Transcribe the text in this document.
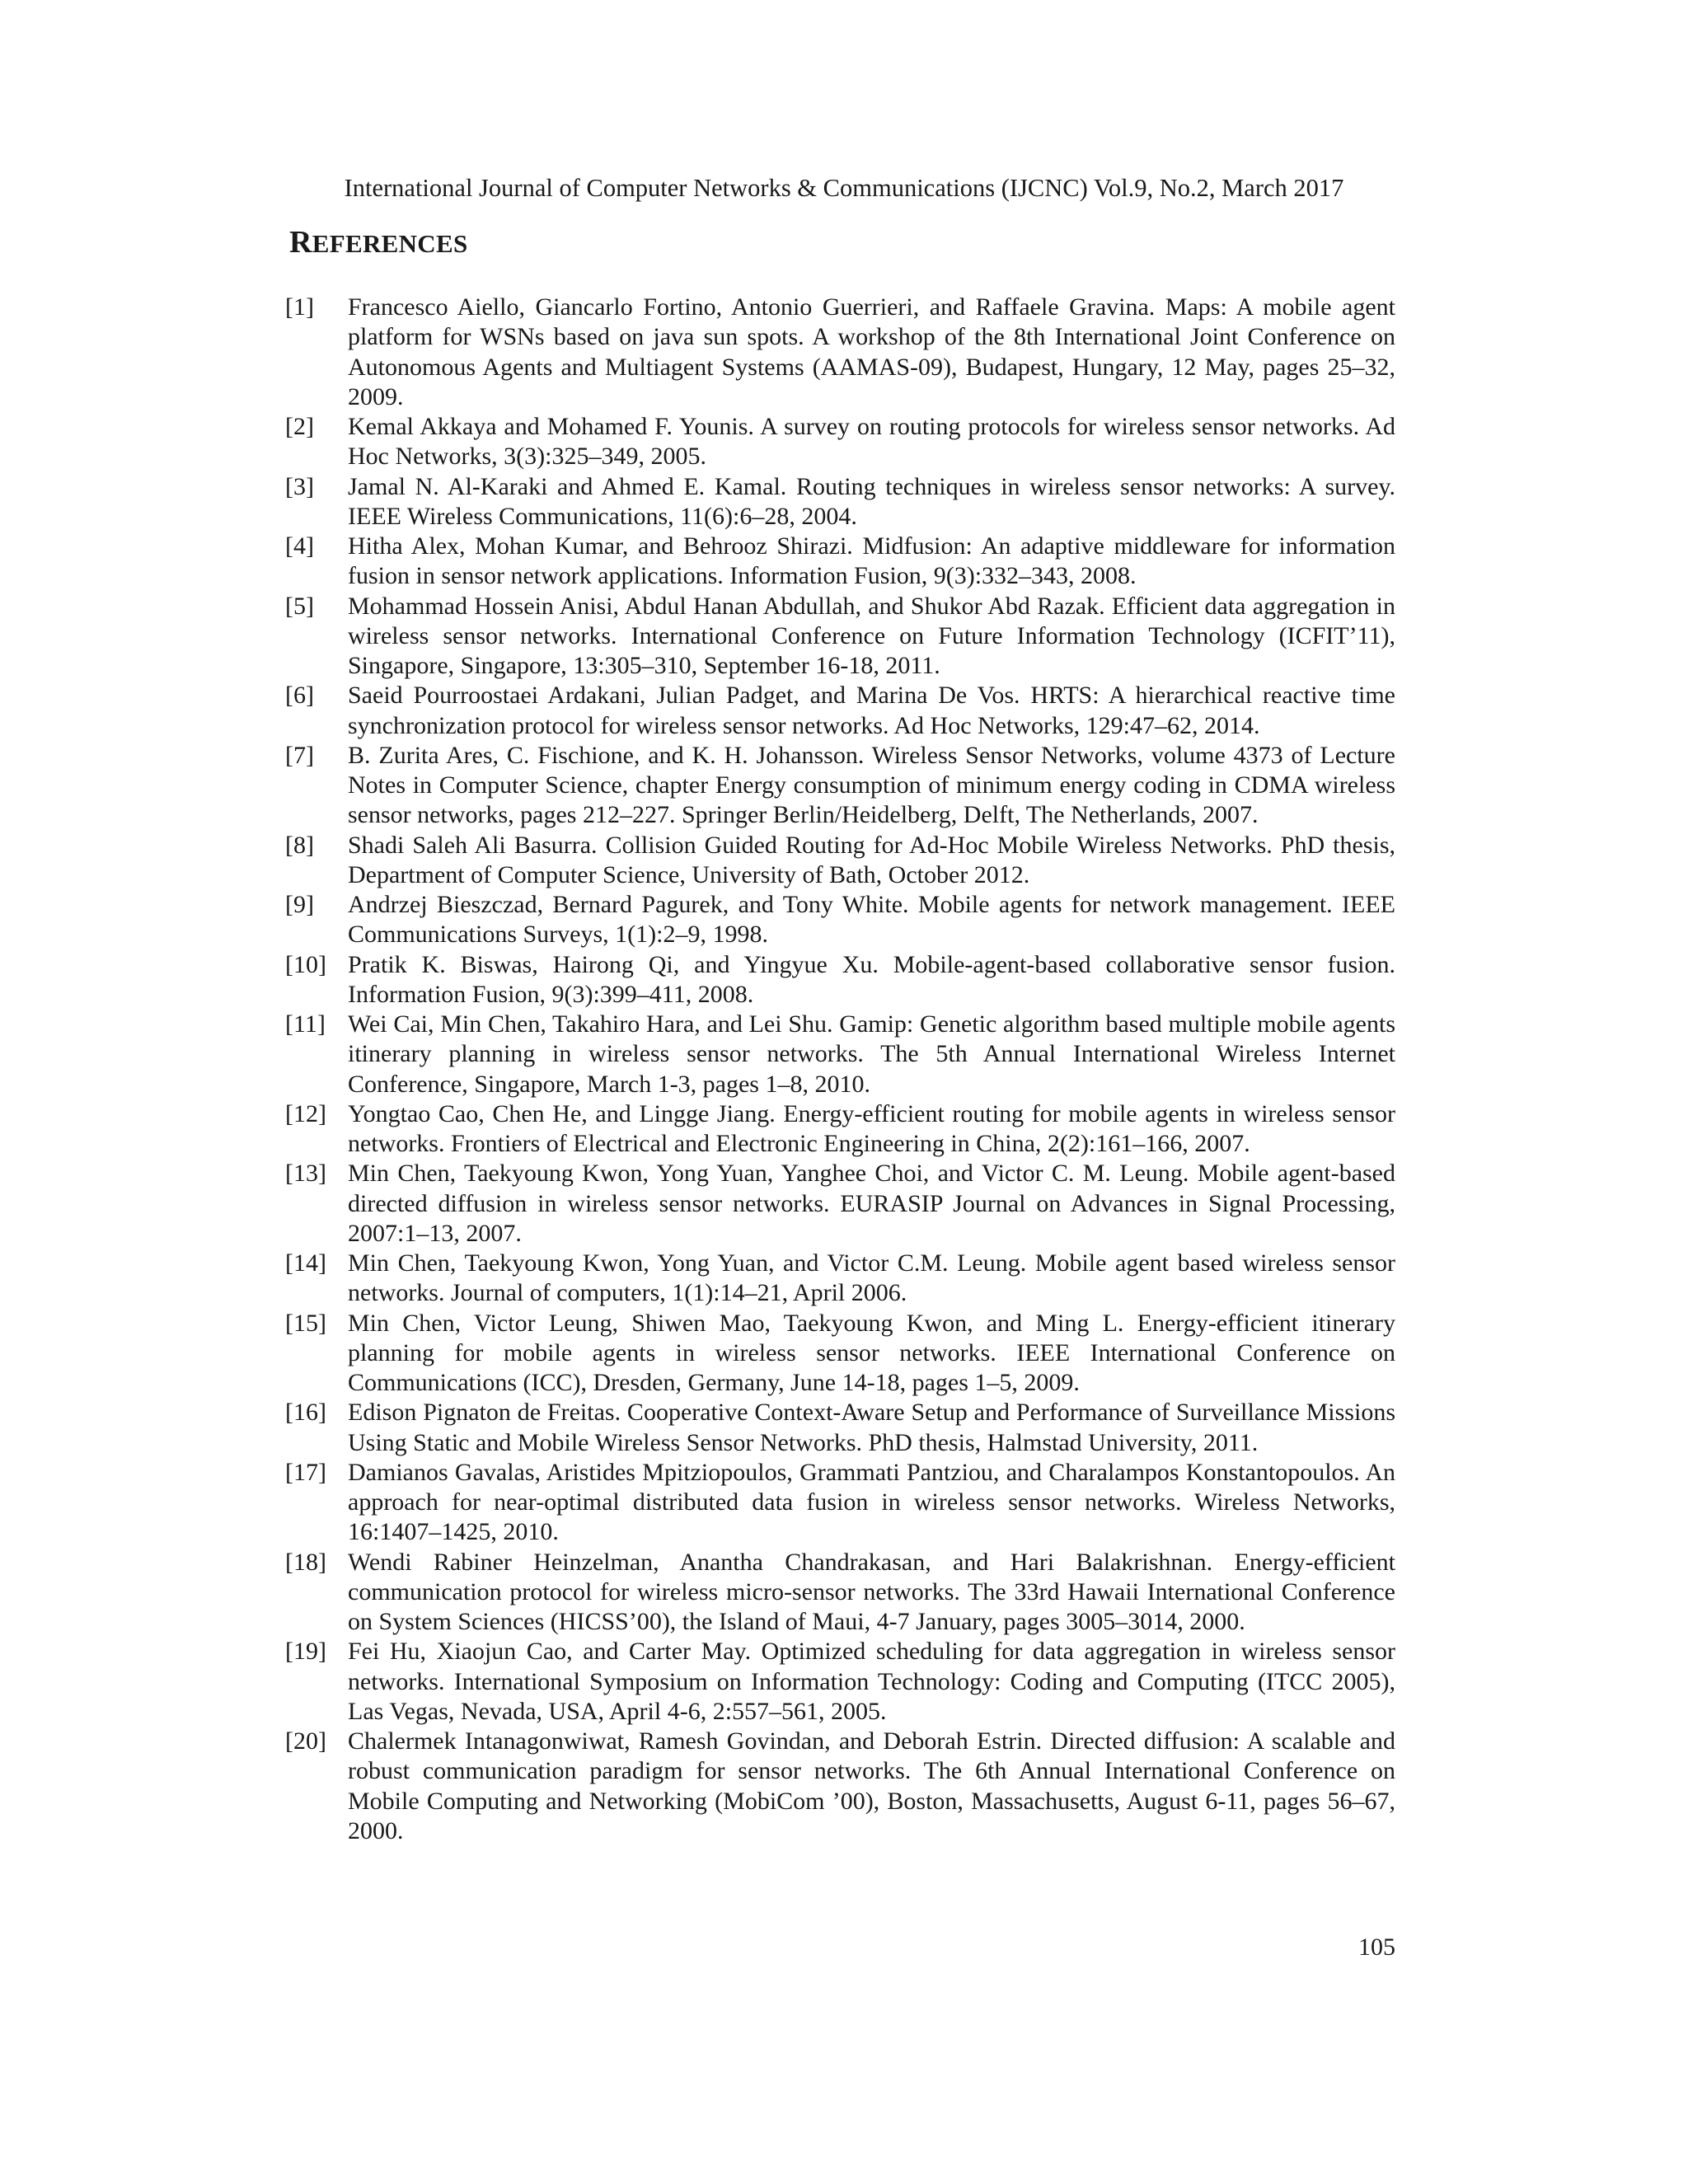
International Journal of Computer Networks & Communications (IJCNC) Vol.9, No.2, March 2017
REFERENCES
[1] Francesco Aiello, Giancarlo Fortino, Antonio Guerrieri, and Raffaele Gravina. Maps: A mobile agent platform for WSNs based on java sun spots. A workshop of the 8th International Joint Conference on Autonomous Agents and Multiagent Systems (AAMAS-09), Budapest, Hungary, 12 May, pages 25–32, 2009.
[2] Kemal Akkaya and Mohamed F. Younis. A survey on routing protocols for wireless sensor networks. Ad Hoc Networks, 3(3):325–349, 2005.
[3] Jamal N. Al-Karaki and Ahmed E. Kamal. Routing techniques in wireless sensor networks: A survey. IEEE Wireless Communications, 11(6):6–28, 2004.
[4] Hitha Alex, Mohan Kumar, and Behrooz Shirazi. Midfusion: An adaptive middleware for information fusion in sensor network applications. Information Fusion, 9(3):332–343, 2008.
[5] Mohammad Hossein Anisi, Abdul Hanan Abdullah, and Shukor Abd Razak. Efficient data aggregation in wireless sensor networks. International Conference on Future Information Technology (ICFIT’11), Singapore, Singapore, 13:305–310, September 16-18, 2011.
[6] Saeid Pourroostaei Ardakani, Julian Padget, and Marina De Vos. HRTS: A hierarchical reactive time synchronization protocol for wireless sensor networks. Ad Hoc Networks, 129:47–62, 2014.
[7] B. Zurita Ares, C. Fischione, and K. H. Johansson. Wireless Sensor Networks, volume 4373 of Lecture Notes in Computer Science, chapter Energy consumption of minimum energy coding in CDMA wireless sensor networks, pages 212–227. Springer Berlin/Heidelberg, Delft, The Netherlands, 2007.
[8] Shadi Saleh Ali Basurra. Collision Guided Routing for Ad-Hoc Mobile Wireless Networks. PhD thesis, Department of Computer Science, University of Bath, October 2012.
[9] Andrzej Bieszczad, Bernard Pagurek, and Tony White. Mobile agents for network management. IEEE Communications Surveys, 1(1):2–9, 1998.
[10] Pratik K. Biswas, Hairong Qi, and Yingyue Xu. Mobile-agent-based collaborative sensor fusion. Information Fusion, 9(3):399–411, 2008.
[11] Wei Cai, Min Chen, Takahiro Hara, and Lei Shu. Gamip: Genetic algorithm based multiple mobile agents itinerary planning in wireless sensor networks. The 5th Annual International Wireless Internet Conference, Singapore, March 1-3, pages 1–8, 2010.
[12] Yongtao Cao, Chen He, and Lingge Jiang. Energy-efficient routing for mobile agents in wireless sensor networks. Frontiers of Electrical and Electronic Engineering in China, 2(2):161–166, 2007.
[13] Min Chen, Taekyoung Kwon, Yong Yuan, Yanghee Choi, and Victor C. M. Leung. Mobile agent-based directed diffusion in wireless sensor networks. EURASIP Journal on Advances in Signal Processing, 2007:1–13, 2007.
[14] Min Chen, Taekyoung Kwon, Yong Yuan, and Victor C.M. Leung. Mobile agent based wireless sensor networks. Journal of computers, 1(1):14–21, April 2006.
[15] Min Chen, Victor Leung, Shiwen Mao, Taekyoung Kwon, and Ming L. Energy-efficient itinerary planning for mobile agents in wireless sensor networks. IEEE International Conference on Communications (ICC), Dresden, Germany, June 14-18, pages 1–5, 2009.
[16] Edison Pignaton de Freitas. Cooperative Context-Aware Setup and Performance of Surveillance Missions Using Static and Mobile Wireless Sensor Networks. PhD thesis, Halmstad University, 2011.
[17] Damianos Gavalas, Aristides Mpitziopoulos, Grammati Pantziou, and Charalampos Konstantopoulos. An approach for near-optimal distributed data fusion in wireless sensor networks. Wireless Networks, 16:1407–1425, 2010.
[18] Wendi Rabiner Heinzelman, Anantha Chandrakasan, and Hari Balakrishnan. Energy-efficient communication protocol for wireless micro-sensor networks. The 33rd Hawaii International Conference on System Sciences (HICSS’00), the Island of Maui, 4-7 January, pages 3005–3014, 2000.
[19] Fei Hu, Xiaojun Cao, and Carter May. Optimized scheduling for data aggregation in wireless sensor networks. International Symposium on Information Technology: Coding and Computing (ITCC 2005), Las Vegas, Nevada, USA, April 4-6, 2:557–561, 2005.
[20] Chalermek Intanagonwiwat, Ramesh Govindan, and Deborah Estrin. Directed diffusion: A scalable and robust communication paradigm for sensor networks. The 6th Annual International Conference on Mobile Computing and Networking (MobiCom ’00), Boston, Massachusetts, August 6-11, pages 56–67, 2000.
105
